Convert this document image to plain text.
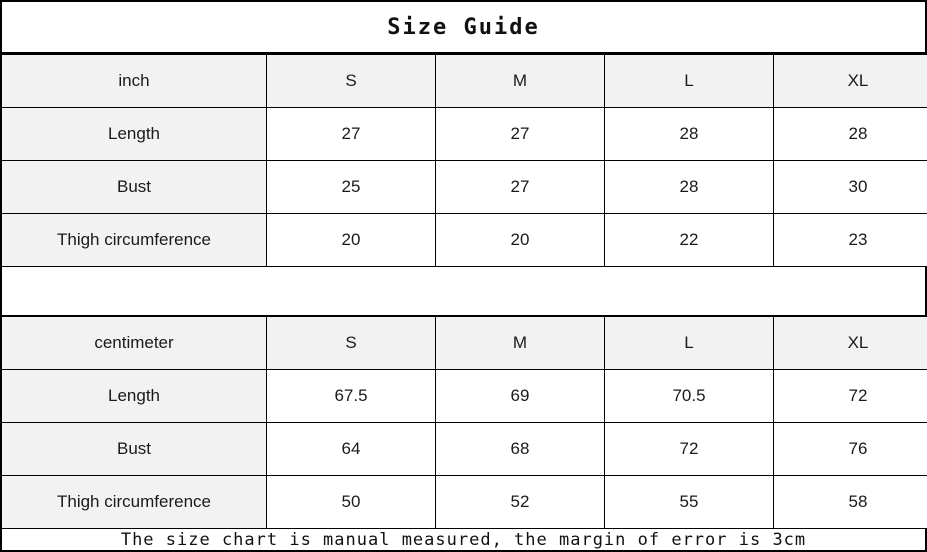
Size Guide
inch	S	M	L	XL
Length	27	27	28	28
Bust	25	27	28	30
Thigh circumference	20	20	22	23
centimeter	S	M	L	XL
Length	67.5	69	70.5	72
Bust	64	68	72	76
Thigh circumference	50	52	55	58
The size chart is manual measured, the margin of error is 3cm
